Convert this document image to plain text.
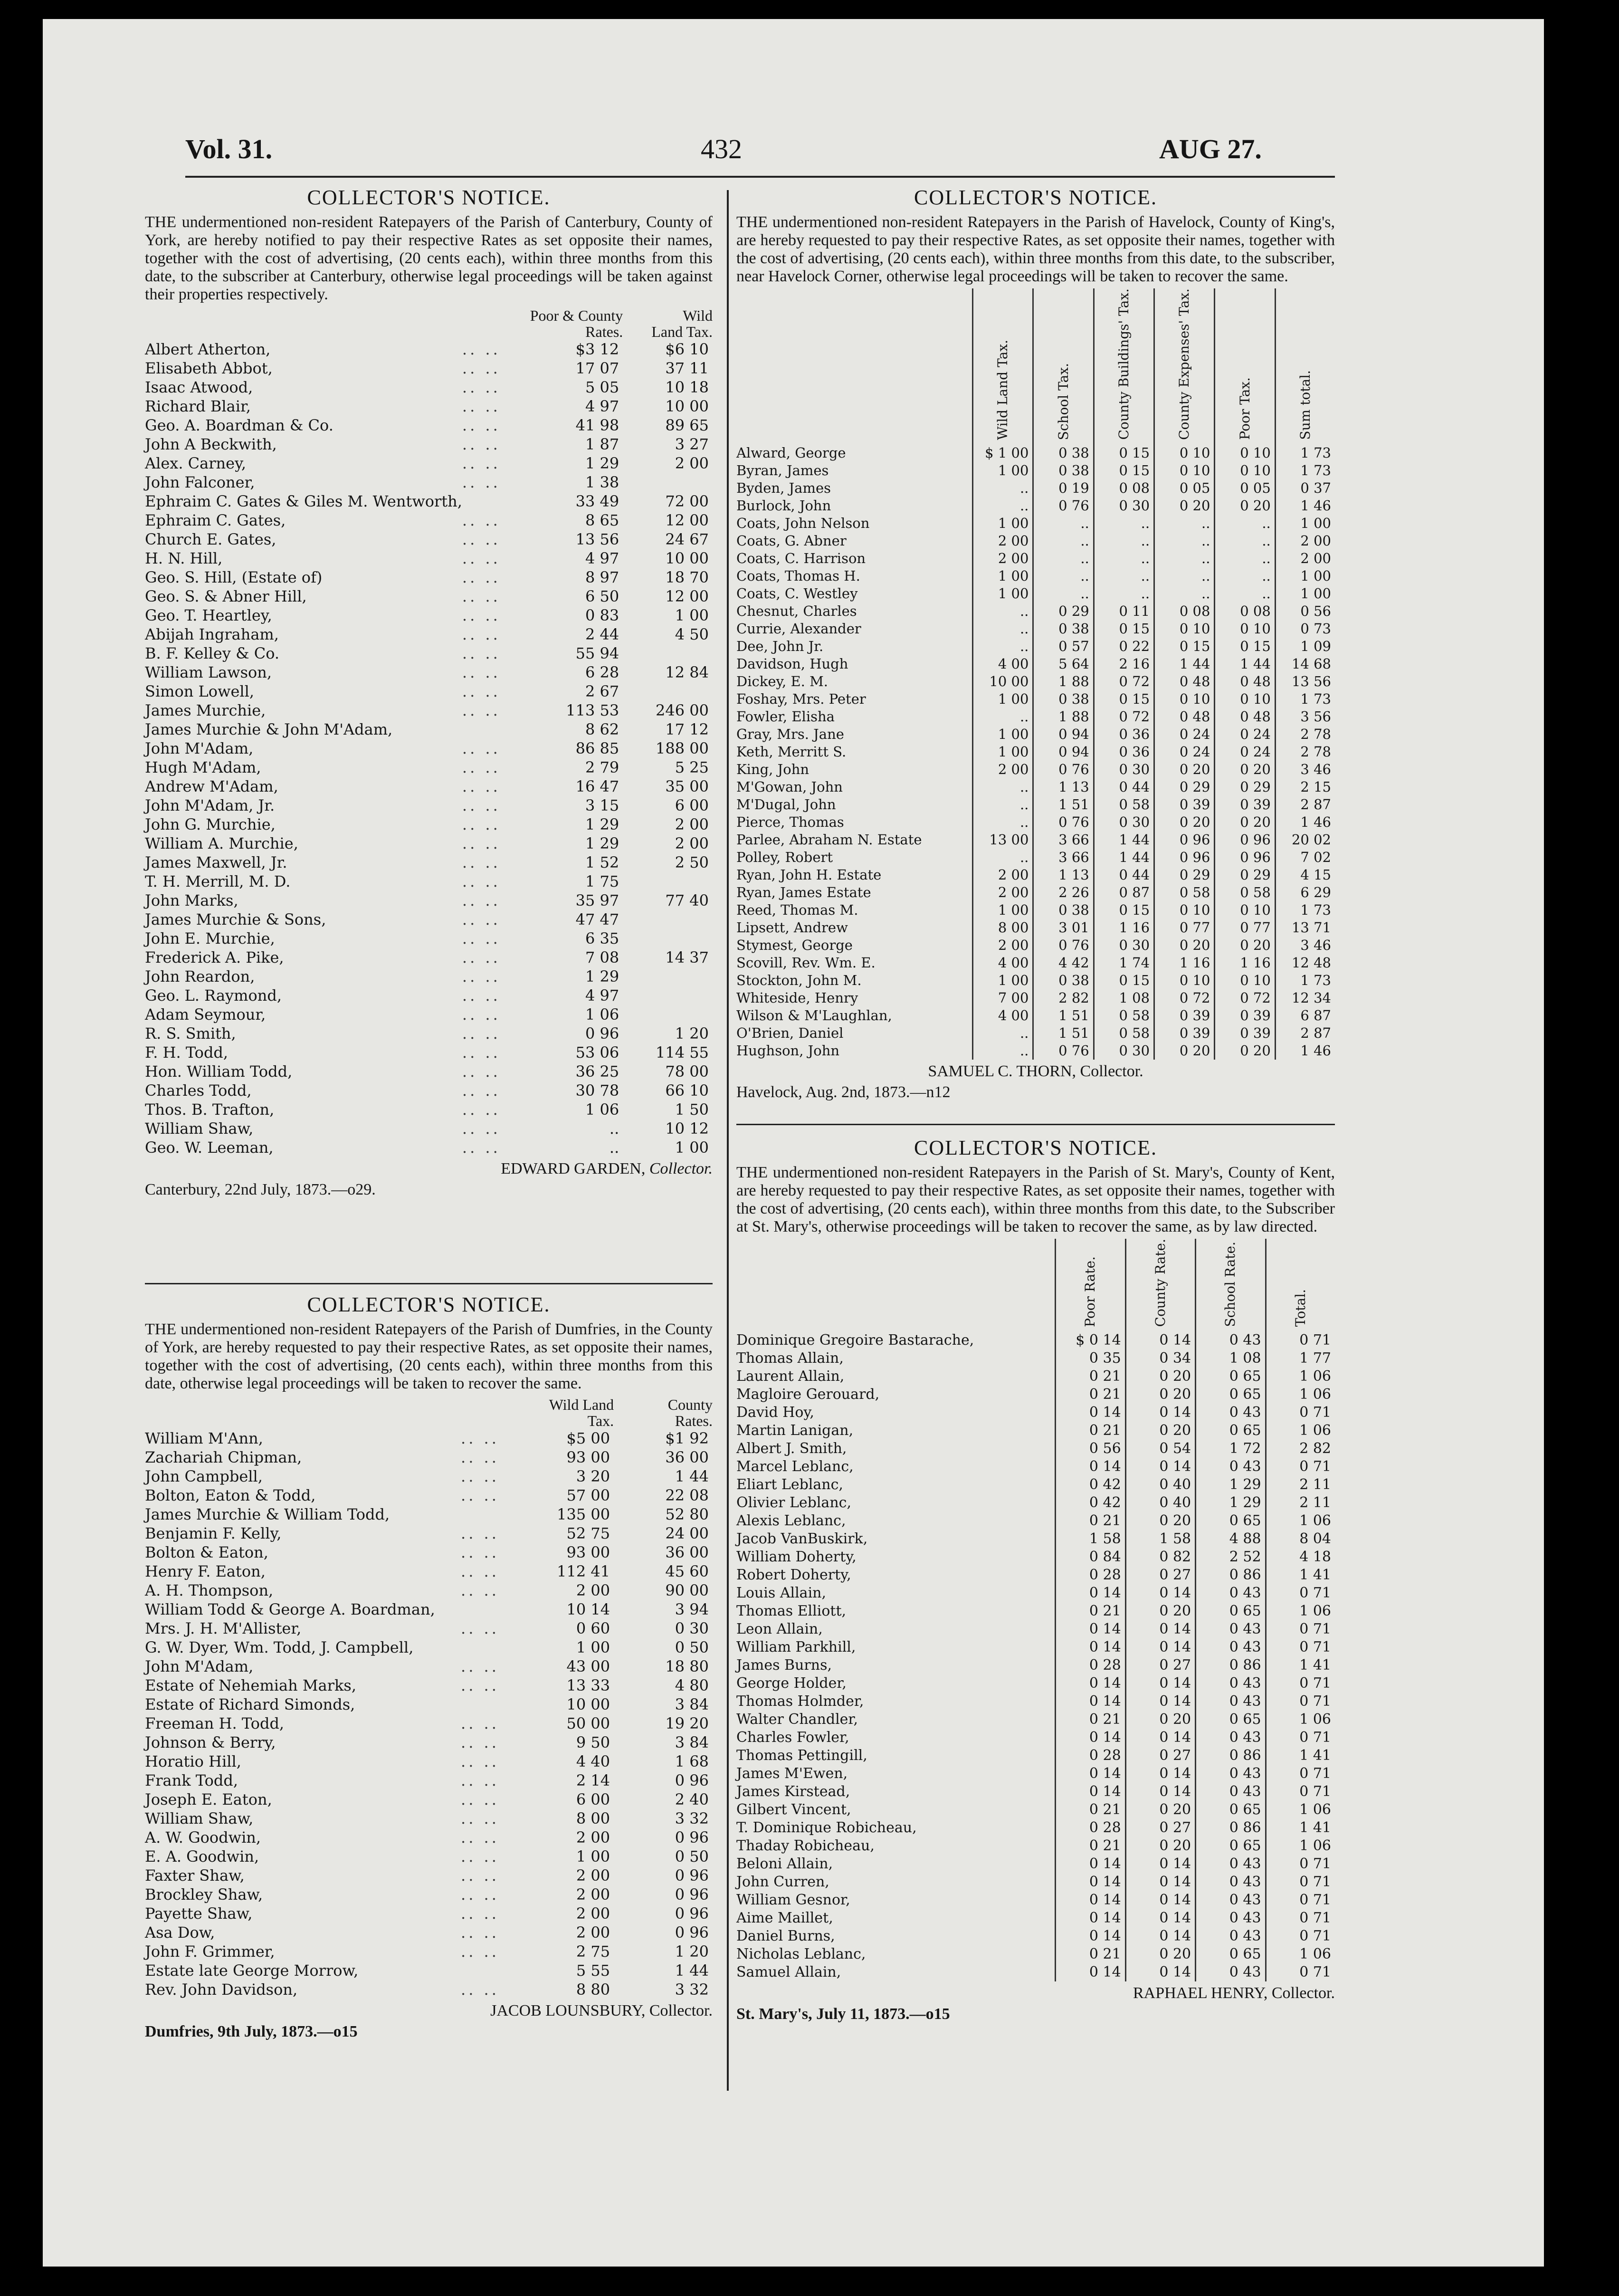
Vol. 31.	432	AUG 27.
COLLECTOR'S NOTICE.
THE undermentioned non-resident Ratepayers of the Parish of Canterbury, County of York, are hereby notified to pay their respective Rates as set opposite their names, together with the cost of advertising, (20 cents each), within three months from this date, to the subscriber at Canterbury, otherwise legal proceedings will be taken against their properties respectively.
		Poor & County	Wild
		Rates.	Land Tax.
Albert Atherton,	.. ..	$3 12	$6 10
Elisabeth Abbot,	.. ..	17 07	37 11
Isaac Atwood,	.. ..	5 05	10 18
Richard Blair,	.. ..	4 97	10 00
Geo. A. Boardman & Co.	.. ..	41 98	89 65
John A Beckwith,	.. ..	1 87	3 27
Alex. Carney,	.. ..	1 29	2 00
John Falconer,	.. ..	1 38	
Ephraim C. Gates & Giles M. Wentworth,		33 49	72 00
Ephraim C. Gates,	.. ..	8 65	12 00
Church E. Gates,	.. ..	13 56	24 67
H. N. Hill,	.. ..	4 97	10 00
Geo. S. Hill, (Estate of)	.. ..	8 97	18 70
Geo. S. & Abner Hill,	.. ..	6 50	12 00
Geo. T. Heartley,	.. ..	0 83	1 00
Abijah Ingraham,	.. ..	2 44	4 50
B. F. Kelley & Co.	.. ..	55 94	
William Lawson,	.. ..	6 28	12 84
Simon Lowell,	.. ..	2 67	
James Murchie,	.. ..	113 53	246 00
James Murchie & John M'Adam,		8 62	17 12
John M'Adam,	.. ..	86 85	188 00
Hugh M'Adam,	.. ..	2 79	5 25
Andrew M'Adam,	.. ..	16 47	35 00
John M'Adam, Jr.	.. ..	3 15	6 00
John G. Murchie,	.. ..	1 29	2 00
William A. Murchie,	.. ..	1 29	2 00
James Maxwell, Jr.	.. ..	1 52	2 50
T. H. Merrill, M. D.	.. ..	1 75	
John Marks,	.. ..	35 97	77 40
James Murchie & Sons,	.. ..	47 47	
John E. Murchie,	.. ..	6 35	
Frederick A. Pike,	.. ..	7 08	14 37
John Reardon,	.. ..	1 29	
Geo. L. Raymond,	.. ..	4 97	
Adam Seymour,	.. ..	1 06	
R. S. Smith,	.. ..	0 96	1 20
F. H. Todd,	.. ..	53 06	114 55
Hon. William Todd,	.. ..	36 25	78 00
Charles Todd,	.. ..	30 78	66 10
Thos. B. Trafton,	.. ..	1 06	1 50
William Shaw,	.. ..	..	10 12
Geo. W. Leeman,	.. ..	..	1 00
EDWARD GARDEN, Collector.
Canterbury, 22nd July, 1873.—o29.
COLLECTOR'S NOTICE.
THE undermentioned non-resident Ratepayers of the Parish of Dumfries, in the County of York, are hereby requested to pay their respective Rates, as set opposite their names, together with the cost of advertising, (20 cents each), within three months from this date, otherwise legal proceedings will be taken to recover the same.
		Wild Land	County
		Tax.	Rates.
William M'Ann,	.. ..	$5 00	$1 92
Zachariah Chipman,	.. ..	93 00	36 00
John Campbell,	.. ..	3 20	1 44
Bolton, Eaton & Todd,	.. ..	57 00	22 08
James Murchie & William Todd,		135 00	52 80
Benjamin F. Kelly,	.. ..	52 75	24 00
Bolton & Eaton,	.. ..	93 00	36 00
Henry F. Eaton,	.. ..	112 41	45 60
A. H. Thompson,	.. ..	2 00	90 00
William Todd & George A. Boardman,		10 14	3 94
Mrs. J. H. M'Allister,	.. ..	0 60	0 30
G. W. Dyer, Wm. Todd, J. Campbell,		1 00	0 50
John M'Adam,	.. ..	43 00	18 80
Estate of Nehemiah Marks,	.. ..	13 33	4 80
Estate of Richard Simonds,		10 00	3 84
Freeman H. Todd,	.. ..	50 00	19 20
Johnson & Berry,	.. ..	9 50	3 84
Horatio Hill,	.. ..	4 40	1 68
Frank Todd,	.. ..	2 14	0 96
Joseph E. Eaton,	.. ..	6 00	2 40
William Shaw,	.. ..	8 00	3 32
A. W. Goodwin,	.. ..	2 00	0 96
E. A. Goodwin,	.. ..	1 00	0 50
Faxter Shaw,	.. ..	2 00	0 96
Brockley Shaw,	.. ..	2 00	0 96
Payette Shaw,	.. ..	2 00	0 96
Asa Dow,	.. ..	2 00	0 96
John F. Grimmer,	.. ..	2 75	1 20
Estate late George Morrow,		5 55	1 44
Rev. John Davidson,	.. ..	8 80	3 32
JACOB LOUNSBURY, Collector.
Dumfries, 9th July, 1873.—o15
COLLECTOR'S NOTICE.
THE undermentioned non-resident Ratepayers in the Parish of Havelock, County of King's, are hereby requested to pay their respective Rates, as set opposite their names, together with the cost of advertising, (20 cents each), within three months from this date, to the subscriber, near Havelock Corner, otherwise legal proceedings will be taken to recover the same.
	Wild Land Tax.	School Tax.	County Buildings' Tax.	County Expenses' Tax.	Poor Tax.	Sum total.
Alward, George	$ 1 00	0 38	0 15	0 10	0 10	1 73
Byran, James	1 00	0 38	0 15	0 10	0 10	1 73
Byden, James	..	0 19	0 08	0 05	0 05	0 37
Burlock, John	..	0 76	0 30	0 20	0 20	1 46
Coats, John Nelson	1 00	..	..	..	..	1 00
Coats, G. Abner	2 00	..	..	..	..	2 00
Coats, C. Harrison	2 00	..	..	..	..	2 00
Coats, Thomas H.	1 00	..	..	..	..	1 00
Coats, C. Westley	1 00	..	..	..	..	1 00
Chesnut, Charles	..	0 29	0 11	0 08	0 08	0 56
Currie, Alexander	..	0 38	0 15	0 10	0 10	0 73
Dee, John Jr.	..	0 57	0 22	0 15	0 15	1 09
Davidson, Hugh	4 00	5 64	2 16	1 44	1 44	14 68
Dickey, E. M.	10 00	1 88	0 72	0 48	0 48	13 56
Foshay, Mrs. Peter	1 00	0 38	0 15	0 10	0 10	1 73
Fowler, Elisha	..	1 88	0 72	0 48	0 48	3 56
Gray, Mrs. Jane	1 00	0 94	0 36	0 24	0 24	2 78
Keth, Merritt S.	1 00	0 94	0 36	0 24	0 24	2 78
King, John	2 00	0 76	0 30	0 20	0 20	3 46
M'Gowan, John	..	1 13	0 44	0 29	0 29	2 15
M'Dugal, John	..	1 51	0 58	0 39	0 39	2 87
Pierce, Thomas	..	0 76	0 30	0 20	0 20	1 46
Parlee, Abraham N. Estate	13 00	3 66	1 44	0 96	0 96	20 02
Polley, Robert	..	3 66	1 44	0 96	0 96	7 02
Ryan, John H. Estate	2 00	1 13	0 44	0 29	0 29	4 15
Ryan, James Estate	2 00	2 26	0 87	0 58	0 58	6 29
Reed, Thomas M.	1 00	0 38	0 15	0 10	0 10	1 73
Lipsett, Andrew	8 00	3 01	1 16	0 77	0 77	13 71
Stymest, George	2 00	0 76	0 30	0 20	0 20	3 46
Scovill, Rev. Wm. E.	4 00	4 42	1 74	1 16	1 16	12 48
Stockton, John M.	1 00	0 38	0 15	0 10	0 10	1 73
Whiteside, Henry	7 00	2 82	1 08	0 72	0 72	12 34
Wilson & M'Laughlan,	4 00	1 51	0 58	0 39	0 39	6 87
O'Brien, Daniel	..	1 51	0 58	0 39	0 39	2 87
Hughson, John	..	0 76	0 30	0 20	0 20	1 46
SAMUEL C. THORN, Collector.
Havelock, Aug. 2nd, 1873.—n12
COLLECTOR'S NOTICE.
THE undermentioned non-resident Ratepayers in the Parish of St. Mary's, County of Kent, are hereby requested to pay their respective Rates, as set opposite their names, together with the cost of advertising, (20 cents each), within three months from this date, to the Subscriber at St. Mary's, otherwise proceedings will be taken to recover the same, as by law directed.
	Poor Rate.	County Rate.	School Rate.	Total.
Dominique Gregoire Bastarache,	$ 0 14	0 14	0 43	0 71
Thomas Allain,	0 35	0 34	1 08	1 77
Laurent Allain,	0 21	0 20	0 65	1 06
Magloire Gerouard,	0 21	0 20	0 65	1 06
David Hoy,	0 14	0 14	0 43	0 71
Martin Lanigan,	0 21	0 20	0 65	1 06
Albert J. Smith,	0 56	0 54	1 72	2 82
Marcel Leblanc,	0 14	0 14	0 43	0 71
Eliart Leblanc,	0 42	0 40	1 29	2 11
Olivier Leblanc,	0 42	0 40	1 29	2 11
Alexis Leblanc,	0 21	0 20	0 65	1 06
Jacob VanBuskirk,	1 58	1 58	4 88	8 04
William Doherty,	0 84	0 82	2 52	4 18
Robert Doherty,	0 28	0 27	0 86	1 41
Louis Allain,	0 14	0 14	0 43	0 71
Thomas Elliott,	0 21	0 20	0 65	1 06
Leon Allain,	0 14	0 14	0 43	0 71
William Parkhill,	0 14	0 14	0 43	0 71
James Burns,	0 28	0 27	0 86	1 41
George Holder,	0 14	0 14	0 43	0 71
Thomas Holmder,	0 14	0 14	0 43	0 71
Walter Chandler,	0 21	0 20	0 65	1 06
Charles Fowler,	0 14	0 14	0 43	0 71
Thomas Pettingill,	0 28	0 27	0 86	1 41
James M'Ewen,	0 14	0 14	0 43	0 71
James Kirstead,	0 14	0 14	0 43	0 71
Gilbert Vincent,	0 21	0 20	0 65	1 06
T. Dominique Robicheau,	0 28	0 27	0 86	1 41
Thaday Robicheau,	0 21	0 20	0 65	1 06
Beloni Allain,	0 14	0 14	0 43	0 71
John Curren,	0 14	0 14	0 43	0 71
William Gesnor,	0 14	0 14	0 43	0 71
Aime Maillet,	0 14	0 14	0 43	0 71
Daniel Burns,	0 14	0 14	0 43	0 71
Nicholas Leblanc,	0 21	0 20	0 65	1 06
Samuel Allain,	0 14	0 14	0 43	0 71
RAPHAEL HENRY, Collector.
St. Mary's, July 11, 1873.—o15
